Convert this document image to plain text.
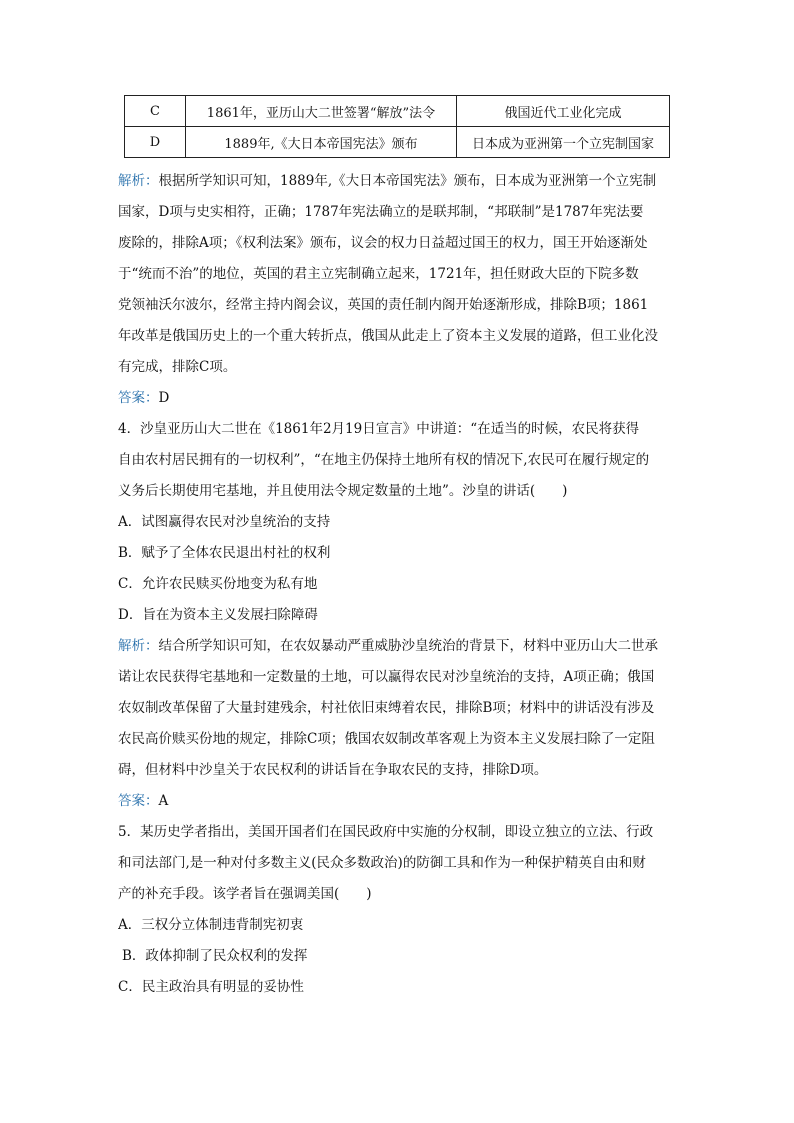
C	1861年，亚历山大二世签署“解放”法令	俄国近代工业化完成
D	1889年,《大日本帝国宪法》颁布	日本成为亚洲第一个立宪制国家
解析：根据所学知识可知，1889年,《大日本帝国宪法》颁布，日本成为亚洲第一个立宪制
国家，D项与史实相符，正确；1787年宪法确立的是联邦制，“邦联制”是1787年宪法要
废除的，排除A项；《权利法案》颁布，议会的权力日益超过国王的权力，国王开始逐渐处
于“统而不治”的地位，英国的君主立宪制确立起来，1721年，担任财政大臣的下院多数
党领袖沃尔波尔，经常主持内阁会议，英国的责任制内阁开始逐渐形成，排除B项；1861
年改革是俄国历史上的一个重大转折点，俄国从此走上了资本主义发展的道路，但工业化没
有完成，排除C项。
答案：D
4．沙皇亚历山大二世在《1861年2月19日宣言》中讲道：“在适当的时候，农民将获得
自由农村居民拥有的一切权利”，“在地主仍保持土地所有权的情况下,农民可在履行规定的
义务后长期使用宅基地，并且使用法令规定数量的土地”。沙皇的讲话(　　)
A．试图赢得农民对沙皇统治的支持
B．赋予了全体农民退出村社的权利
C．允许农民赎买份地变为私有地
D．旨在为资本主义发展扫除障碍
解析：结合所学知识可知，在农奴暴动严重威胁沙皇统治的背景下，材料中亚历山大二世承
诺让农民获得宅基地和一定数量的土地，可以赢得农民对沙皇统治的支持，A项正确；俄国
农奴制改革保留了大量封建残余，村社依旧束缚着农民，排除B项；材料中的讲话没有涉及
农民高价赎买份地的规定，排除C项；俄国农奴制改革客观上为资本主义发展扫除了一定阻
碍，但材料中沙皇关于农民权利的讲话旨在争取农民的支持，排除D项。
答案：A
5．某历史学者指出，美国开国者们在国民政府中实施的分权制，即设立独立的立法、行政
和司法部门,是一种对付多数主义(民众多数政治)的防御工具和作为一种保护精英自由和财
产的补充手段。该学者旨在强调美国(　　)
A．三权分立体制违背制宪初衷
B．政体抑制了民众权利的发挥
C．民主政治具有明显的妥协性
